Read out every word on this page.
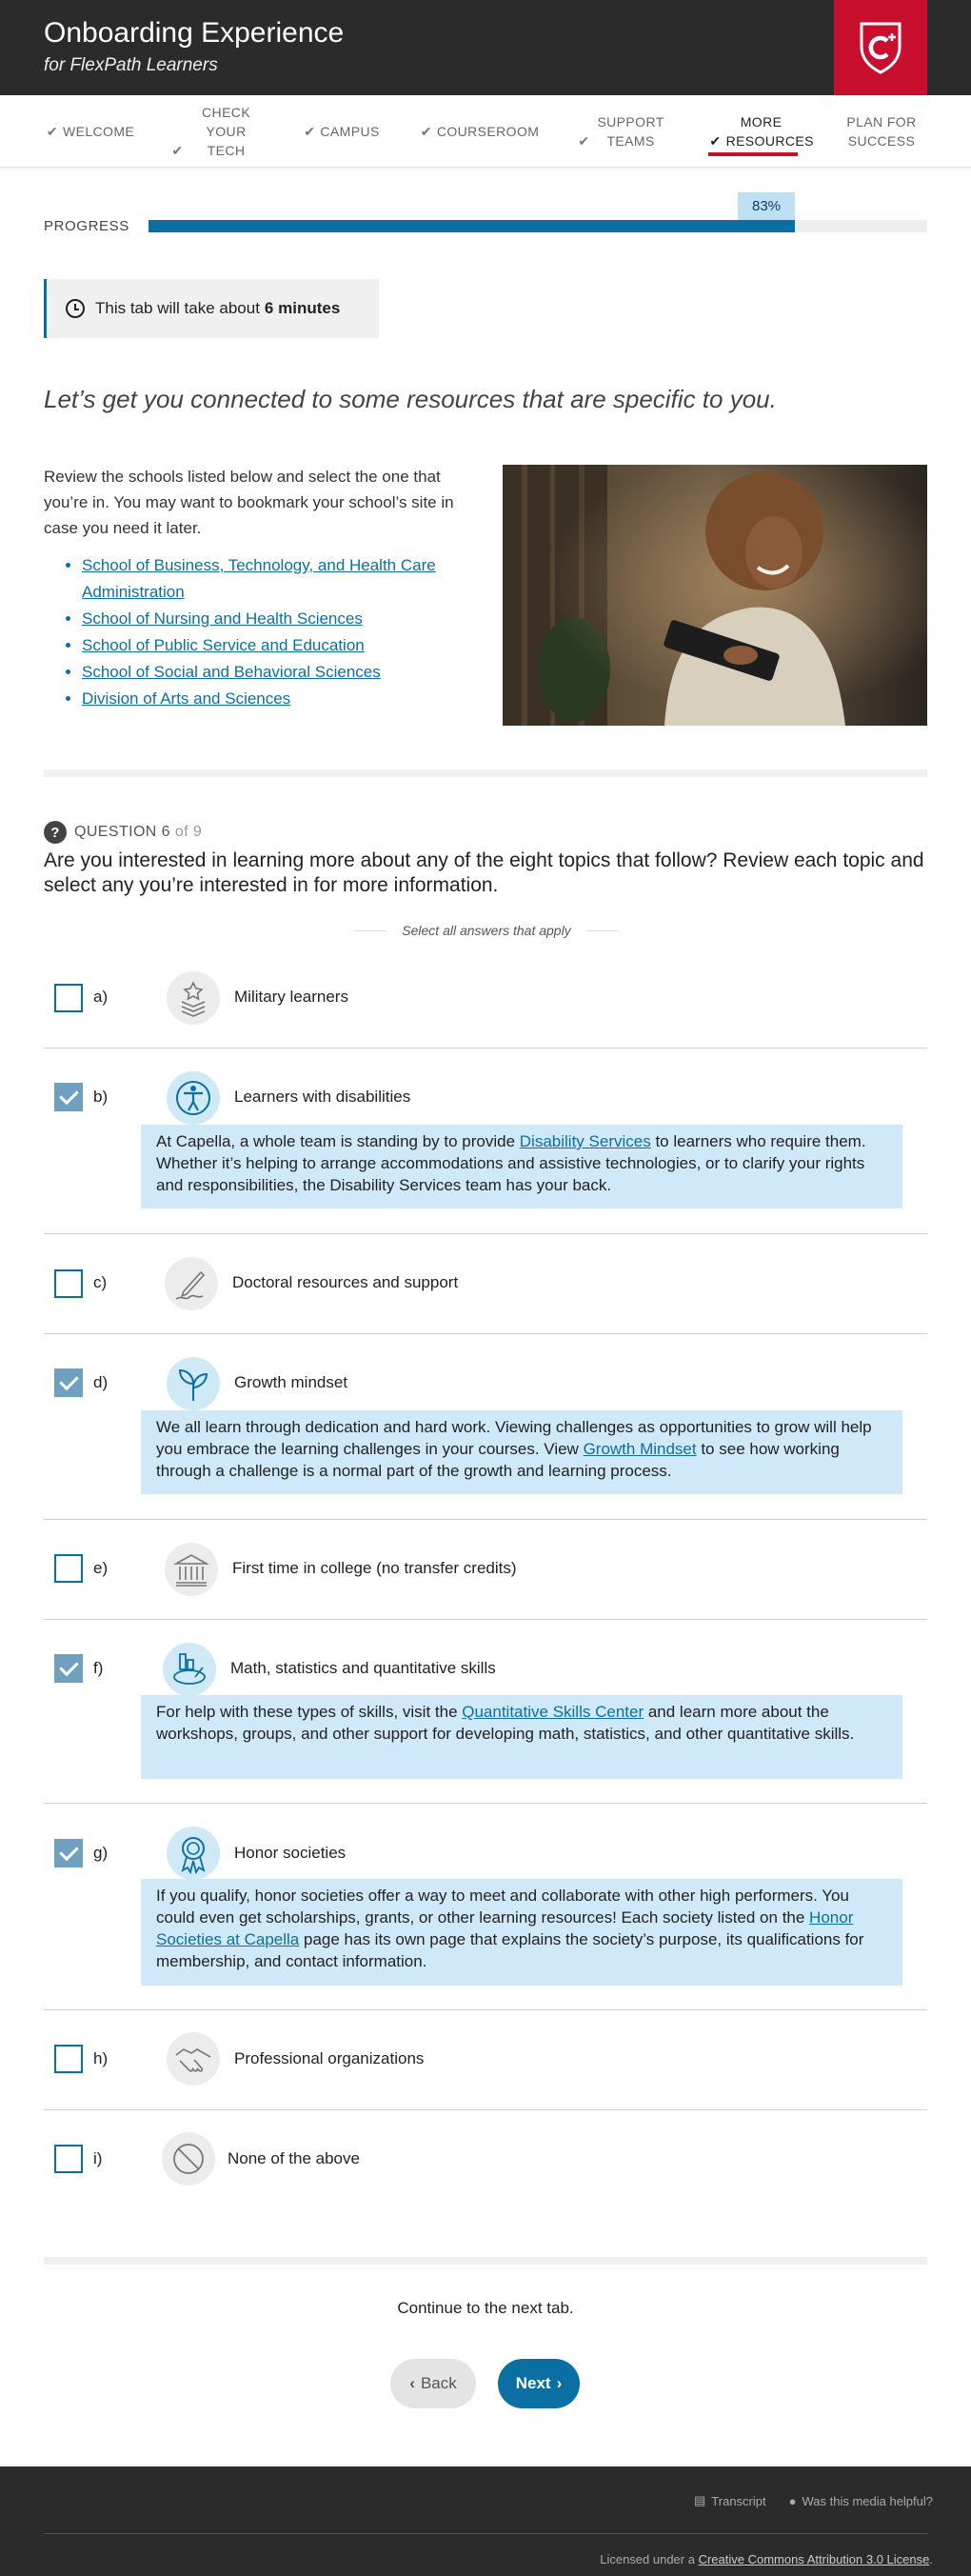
Onboarding Experience
for FlexPath Learners
✔ WELCOME
✔CHECK YOUR TECH
✔ CAMPUS	✔ COURSEROOM
✔SUPPORT TEAMS	✔MORE RESOURCES
PLAN FOR SUCCESS
PROGRESS
83%
This tab will take about 6 minutes
Let’s get you connected to some resources that are specific to you.

Review the schools listed below and select the one that you’re in. You may want to bookmark your school’s site in case you need it later.

• School of Business, Technology, and Health Care Administration
• School of Nursing and Health Sciences
• School of Public Service and Education
• School of Social and Behavioral Sciences
• Division of Arts and Sciences
? QUESTION 6 of 9

Are you interested in learning more about any of the eight topics that follow? Review each topic and select any you’re interested in for more information.

Select all answers that apply
a)	Military learners
b)	Learners with disabilities
At Capella, a whole team is standing by to provide Disability Services to learners who require them. Whether it’s helping to arrange accommodations and assistive technologies, or to clarify your rights and responsibilities, the Disability Services team has your back.
c)	Doctoral resources and support
d)	Growth mindset
We all learn through dedication and hard work. Viewing challenges as opportunities to grow will help you embrace the learning challenges in your courses. View Growth Mindset to see how working through a challenge is a normal part of the growth and learning process.
e)	First time in college (no transfer credits)
f)	Math, statistics and quantitative skills
For help with these types of skills, visit the Quantitative Skills Center and learn more about the workshops, groups, and other support for developing math, statistics, and other quantitative skills.
g)	Honor societies
If you qualify, honor societies offer a way to meet and collaborate with other high performers. You could even get scholarships, grants, or other learning resources! Each society listed on the Honor Societies at Capella page has its own page that explains the society’s purpose, its qualifications for membership, and contact information.
h)	Professional organizations
i)	None of the above

Continue to the next tab.

‹ Back	Next ›
▤ Transcript ● Was this media helpful?
Licensed under a Creative Commons Attribution 3.0 License.
